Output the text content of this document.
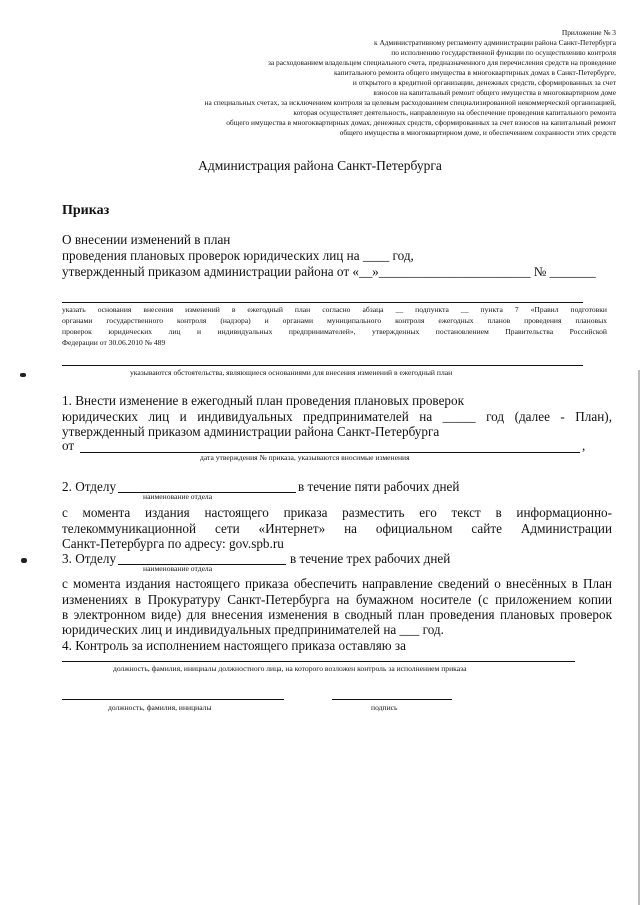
Приложение № 3
к Административному регламенту администрации района Санкт-Петербурга
по исполнению государственной функции по осуществлению контроля
за расходованием владельцем специального счета, предназначенного для перечисления средств на проведение
капитального ремонта общего имущества в многоквартирных домах в Санкт-Петербурге,
и открытого в кредитной организации, денежных средств, сформированных за счет
взносов на капитальный ремонт общего имущества в многоквартирном доме
на специальных счетах, за исключением контроля за целевым расходованием специализированной некоммерческой организацией,
которая осуществляет деятельность, направленную на обеспечение проведения капитального ремонта
общего имущества в многоквартирных домах, денежных средств, сформированных за счет взносов на капитальный ремонт
общего имущества в многоквартирном доме, и обеспечением сохранности этих средств
Администрация района Санкт-Петербурга
Приказ
О внесении изменений в план
проведения плановых проверок юридических лиц на ____ год,
утвержденный приказом администрации района от «__»_______________________ № _______
указать основания внесения изменений в ежегодный план согласно абзаца __ подпункта __ пункта 7 «Правил подготовки
органами государственного контроля (надзора) и органами муниципального контроля ежегодных планов проведения плановых
проверок юридических лиц и индивидуальных предпринимателей», утвержденных постановлением Правительства Российской
Федерации от 30.06.2010 № 489
указываются обстоятельства, являющиеся основаниями для внесения изменений в ежегодный план
1. Внести изменение в ежегодный план проведения плановых проверок
юридических лиц и индивидуальных предпринимателей на _____ год (далее - План),
утвержденный приказом администрации района Санкт-Петербурга
от	,
дата утверждения № приказа, указываются вносимые изменения
2. Отделу	в течение пяти рабочих дней
наименование отдела
с момента издания настоящего приказа разместить его текст в информационно-
телекоммуникационной сети «Интернет» на официальном сайте Администрации
Санкт-Петербурга по адресу: gov.spb.ru
3. Отделу	в течение трех рабочих дней
наименование отдела
с момента издания настоящего приказа обеспечить направление сведений о внесённых в План
изменениях в Прокуратуру Санкт-Петербурга на бумажном носителе (с приложением копии
в электронном виде) для внесения изменения в сводный план проведения плановых проверок
юридических лиц и индивидуальных предпринимателей на ___ год.
4. Контроль за исполнением настоящего приказа оставляю за
должность, фамилия, инициалы должностного лица, на которого возложен контроль за исполнением приказа
должность, фамилия, инициалы	подпись
